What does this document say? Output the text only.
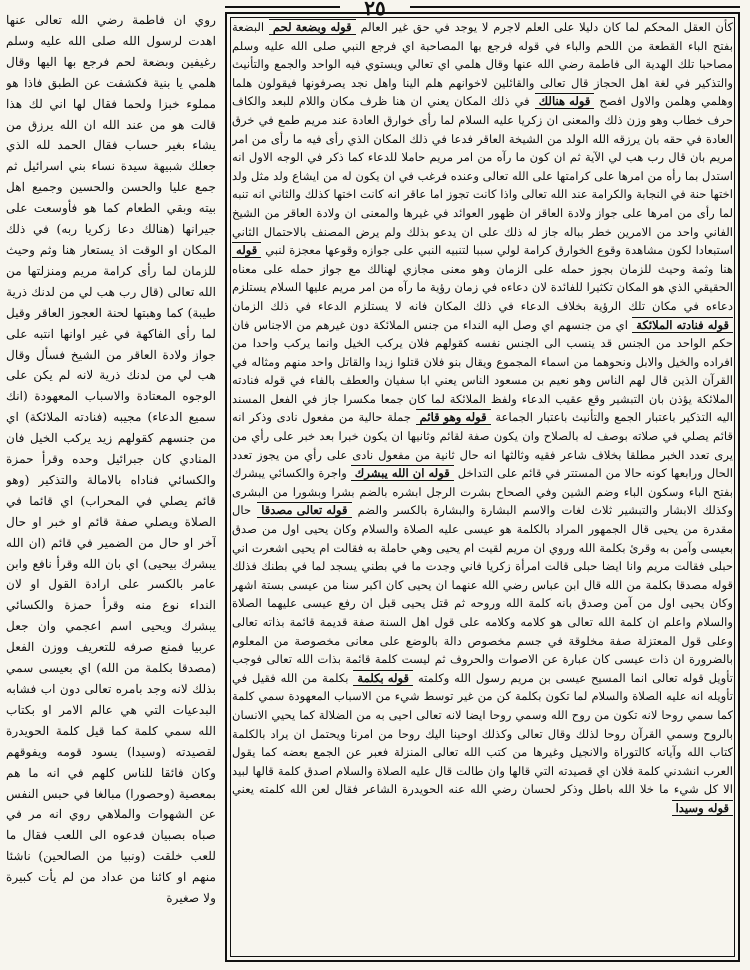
٢٥

كأن العقل المحكم لما كان دليلا على العلم لاجرم لا يوجد في حق غير العالم قوله وبضعة لحم البضعة بفتح الباء القطعة من اللحم والباء في قوله فرجع بها المصاحبة اي فرجع النبي صلى الله عليه وسلم مصاحبا تلك الهدية الى فاطمة رضي الله عنها وقال هلمي اي تعالي ويستوي فيه الواحد والجمع والتأنيث والتذكير في لغة اهل الحجاز قال تعالى والقائلين لاخوانهم هلم الينا واهل نجد يصرفونها فيقولون هلما وهلمي وهلمن والاول افصح قوله هنالك في ذلك المكان يعني ان هنا ظرف مكان واللام للبعد والكاف حرف خطاب وهو وزن ذلك والمعنى ان زكريا عليه السلام لما رأى خوارق العادة عند مريم طمع في خرق العادة في حقه بان يرزقه الله الولد من الشيخة العاقر فدعا في ذلك المكان الذي رأى فيه ما رأى من امر مريم بان قال رب هب لي الآية ثم ان كون ما رآه من امر مريم حاملا للدعاء كما ذكر في الوجه الاول انه استدل بما رأه من امرها على كرامتها على الله تعالى وعنده فرغب في ان يكون له من ايشاع ولد مثل ولد اختها حنة في النجابة والكرامة عند الله تعالى واذا كانت تجوز اما عاقر انه كانت اختها كذلك والثاني انه تنبه لما رأى من امرها على جواز ولادة العاقر ان ظهور العوائد في غيرها والمعنى ان ولادة العاقر من الشيخ الفاني واحد من الامرين خطر بباله جاز له ذلك على ان يدعو بذلك ولم يرض المصنف بالاحتمال الثاني استبعادا لكون مشاهدة وقوع الخوارق كرامة لولي سببا لتنبيه النبي على جوازه وقوعها معجزة لنبي قوله هنا وثمة وحيث للزمان بجوز حمله على الزمان وهو معنى مجازي لهنالك مع جواز حمله على معناه الحقيقي الذي هو المكان تكثيرا للفائدة لان دعاءه في زمان رؤية ما رآه من امر مريم عليها السلام يستلزم دعاءه في مكان تلك الرؤية بخلاف الدعاء في ذلك المكان فانه لا يستلزم الدعاء في ذلك الزمان قوله فنادته الملائكة اي من جنسهم اي وصل اليه النداء من جنس الملائكة دون غيرهم من الاجناس فان حكم الواحد من الجنس قد ينسب الى الجنس نفسه كقولهم فلان يركب الخيل وانما يركب واحدا من افراده والخيل والابل ونحوهما من اسماء المجموع ويقال بنو فلان قتلوا زيدا والقاتل واحد منهم ومثاله في القرآن الذين قال لهم الناس وهو نعيم بن مسعود الناس يعني ابا سفيان والعطف بالفاء في قوله فنادته الملائكة يؤذن بان التبشير وقع عقيب الدعاء ولفظ الملائكة لما كان جمعا مكسرا جاز في الفعل المسند اليه التذكير باعتبار الجمع والتأنيث باعتبار الجماعة قوله وهو قائم جملة حالية من مفعول نادى وذكر انه قائم يصلي في صلاته بوصف له بالصلاح وان يكون صفة لقائم وثانيها ان يكون خبرا بعد خبر على رأي من يرى تعدد الخبر مطلقا بخلاف شاعر فقيه وثالثها انه حال ثانية من مفعول نادى على رأي من يجوز تعدد الحال ورابعها كونه حالا من المستتر في قائم على التداخل قوله ان الله يبشرك واجرة والكسائي يبشرك بفتح الباء وسكون الباء وضم الشين وفي الصحاح بشرت الرجل ابشره بالضم بشرا وبشورا من البشرى وكذلك الابشار والتبشير ثلاث لغات والاسم البشارة والبشارة بالكسر والضم قوله تعالى مصدقا حال مقدرة من يحيى قال الجمهور المراد بالكلمة هو عيسى عليه الصلاة والسلام وكان يحيى اول من صدق بعيسى وآمن به وقرئ بكلمة الله وروي ان مريم لقيت ام يحيى وهي حاملة به فقالت ام يحيى اشعرت اني حبلى فقالت مريم وانا ايضا حبلى قالت امرأة زكريا فاني وجدت ما في بطني يسجد لما في بطنك فذلك قوله مصدقا بكلمة من الله قال ابن عباس رضي الله عنهما ان يحيى كان اكبر سنا من عيسى بستة اشهر وكان يحيى اول من آمن وصدق بانه كلمة الله وروحه ثم قتل يحيى قبل ان رفع عيسى عليهما الصلاة والسلام واعلم ان كلمة الله تعالى هو كلامه وكلامه على قول اهل السنة صفة قديمة قائمة بذاته تعالى وعلى قول المعتزلة صفة مخلوقة في جسم مخصوص دالة بالوضع على معانى مخصوصة من المعلوم بالضرورة ان ذات عيسى كان عبارة عن الاصوات والحروف ثم ليست كلمة قائمة بذات الله تعالى فوجب تأويل قوله تعالى انما المسيح عيسى بن مريم رسول الله وكلمته قوله بكلمة بكلمة من الله فقيل في تأويله انه عليه الصلاة والسلام لما تكون بكلمة كن من غير توسط شيء من الاسباب المعهودة سمي كلمة كما سمي روحا لانه تكون من روح الله وسمي روحا ايضا لانه تعالى احيى به من الضلالة كما يحيي الانسان بالروح وسمي القرآن روحا لذلك وقال تعالى وكذلك اوحينا اليك روحا من امرنا ويحتمل ان يراد بالكلمة كتاب الله وآياته كالتوراة والانجيل وغيرها من كتب الله تعالى المنزلة فعبر عن الجمع بعضه كما يقول العرب انشدني كلمة فلان اي قصيدته التي قالها وان طالت قال عليه الصلاة والسلام اصدق كلمة قالها لبيد الا كل شيء ما خلا الله باطل وذكر لحسان رضي الله عنه الحويدرة الشاعر فقال لعن الله كلمته يعني قوله وسيدا

روي ان فاطمة رضي الله تعالى عنها اهدت لرسول الله صلى الله عليه وسلم رغيفين وبضعة لحم فرجع بها اليها وقال هلمي يا بنية فكشفت عن الطبق فاذا هو مملوء خبزا ولحما فقال لها اني لك هذا قالت هو من عند الله ان الله يرزق من يشاء بغير حساب فقال الحمد لله الذي جعلك شبيهة سيدة نساء بني اسرائيل ثم جمع عليا والحسن والحسين وجميع اهل بيته وبقي الطعام كما هو فأوسعت على جيرانها (هنالك دعا زكريا ربه) في ذلك المكان او الوقت اذ يستعار هنا وثم وحيث للزمان لما رأى كرامة مريم ومنزلتها من الله تعالى (قال رب هب لي من لدنك ذرية طيبة) كما وهبتها لحنة العجوز العاقر وقيل لما رأى الفاكهة في غير اوانها انتبه على جواز ولادة العاقر من الشيخ فسأل وقال هب لي من لدنك ذرية لانه لم يكن على الوجوه المعتادة والاسباب المعهودة (انك سميع الدعاء) مجيبه (فنادته الملائكة) اي من جنسهم كقولهم زيد يركب الخيل فان المنادي كان جبرائيل وحده وقرأ حمزة والكسائي فناداه بالامالة والتذكير (وهو قائم يصلي في المحراب) اي قائما في الصلاة ويصلي صفة قائم او خبر او حال آخر او حال من الضمير في قائم (ان الله يبشرك بيحيى) اي بان الله وقرأ نافع وابن عامر بالكسر على ارادة القول او لان النداء نوع منه وقرأ حمزة والكسائي يبشرك ويحيى اسم اعجمي وان جعل عربيا فمنع صرفه للتعريف ووزن الفعل (مصدقا بكلمة من الله) اي بعيسى سمي بذلك لانه وجد بامره تعالى دون اب فشابه البدعيات التي هي عالم الامر او بكتاب الله سمي كلمة كما قيل كلمة الحويدرة لقصيدته (وسيدا) يسود قومه ويفوقهم وكان فائقا للناس كلهم في انه ما هم بمعصية (وحصورا) مبالغا في حبس النفس عن الشهوات والملاهي روي انه مر في صباه بصبيان فدعوه الى اللعب فقال ما للعب خلقت (ونبيا من الصالحين) ناشئا منهم او كائنا من عداد من لم يأت كبيرة ولا صغيرة
